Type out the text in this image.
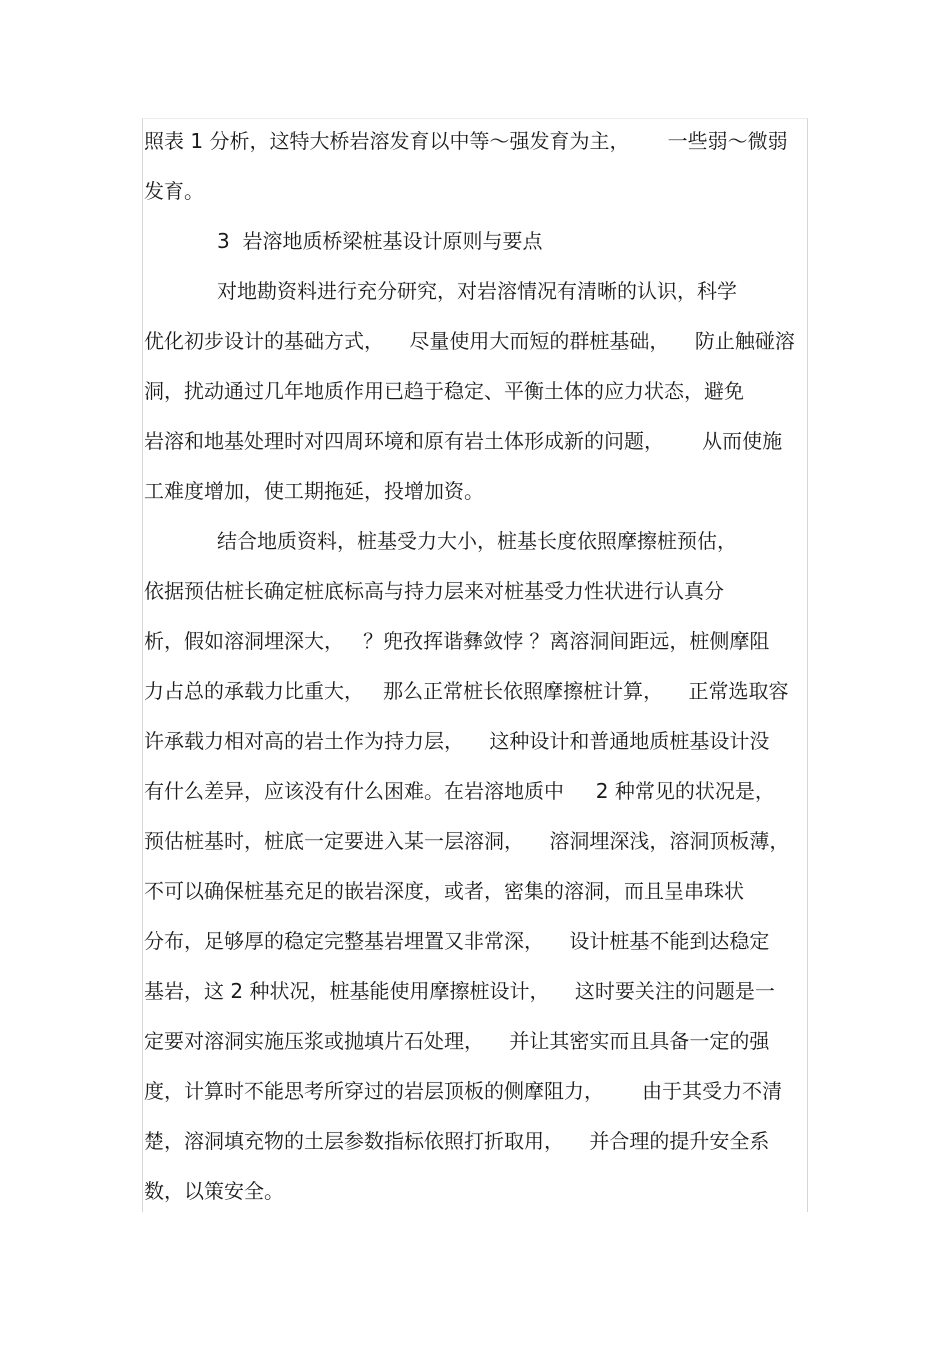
照表 1 分析，这特大桥岩溶发育以中等～强发育为主，      一些弱～微弱
发育。
3  岩溶地质桥梁桩基设计原则与要点
对地勘资料进行充分研究，对岩溶情况有清晰的认识，科学
优化初步设计的基础方式，    尽量使用大而短的群桩基础，    防止触碰溶
洞，扰动通过几年地质作用已趋于稳定、平衡土体的应力状态，避免
岩溶和地基处理时对四周环境和原有岩土体形成新的问题，      从而使施
工难度增加，使工期拖延，投增加资。
结合地质资料，桩基受力大小，桩基长度依照摩擦桩预估，
依据预估桩长确定桩底标高与持力层来对桩基受力性状进行认真分
析，假如溶洞埋深大，   ？兜孜挥谐彝敛悖 ？离溶洞间距远，桩侧摩阻
力占总的承载力比重大，   那么正常桩长依照摩擦桩计算，    正常选取容
许承载力相对高的岩土作为持力层，    这种设计和普通地质桩基设计没
有什么差异，应该没有什么困难。在岩溶地质中     2 种常见的状况是，
预估桩基时，桩底一定要进入某一层溶洞，    溶洞埋深浅，溶洞顶板薄，
不可以确保桩基充足的嵌岩深度，或者，密集的溶洞，而且呈串珠状
分布，足够厚的稳定完整基岩埋置又非常深，    设计桩基不能到达稳定
基岩，这 2 种状况，桩基能使用摩擦桩设计，    这时要关注的问题是一
定要对溶洞实施压浆或抛填片石处理，    并让其密实而且具备一定的强
度，计算时不能思考所穿过的岩层顶板的侧摩阻力，      由于其受力不清
楚，溶洞填充物的土层参数指标依照打折取用，    并合理的提升安全系
数，以策安全。
